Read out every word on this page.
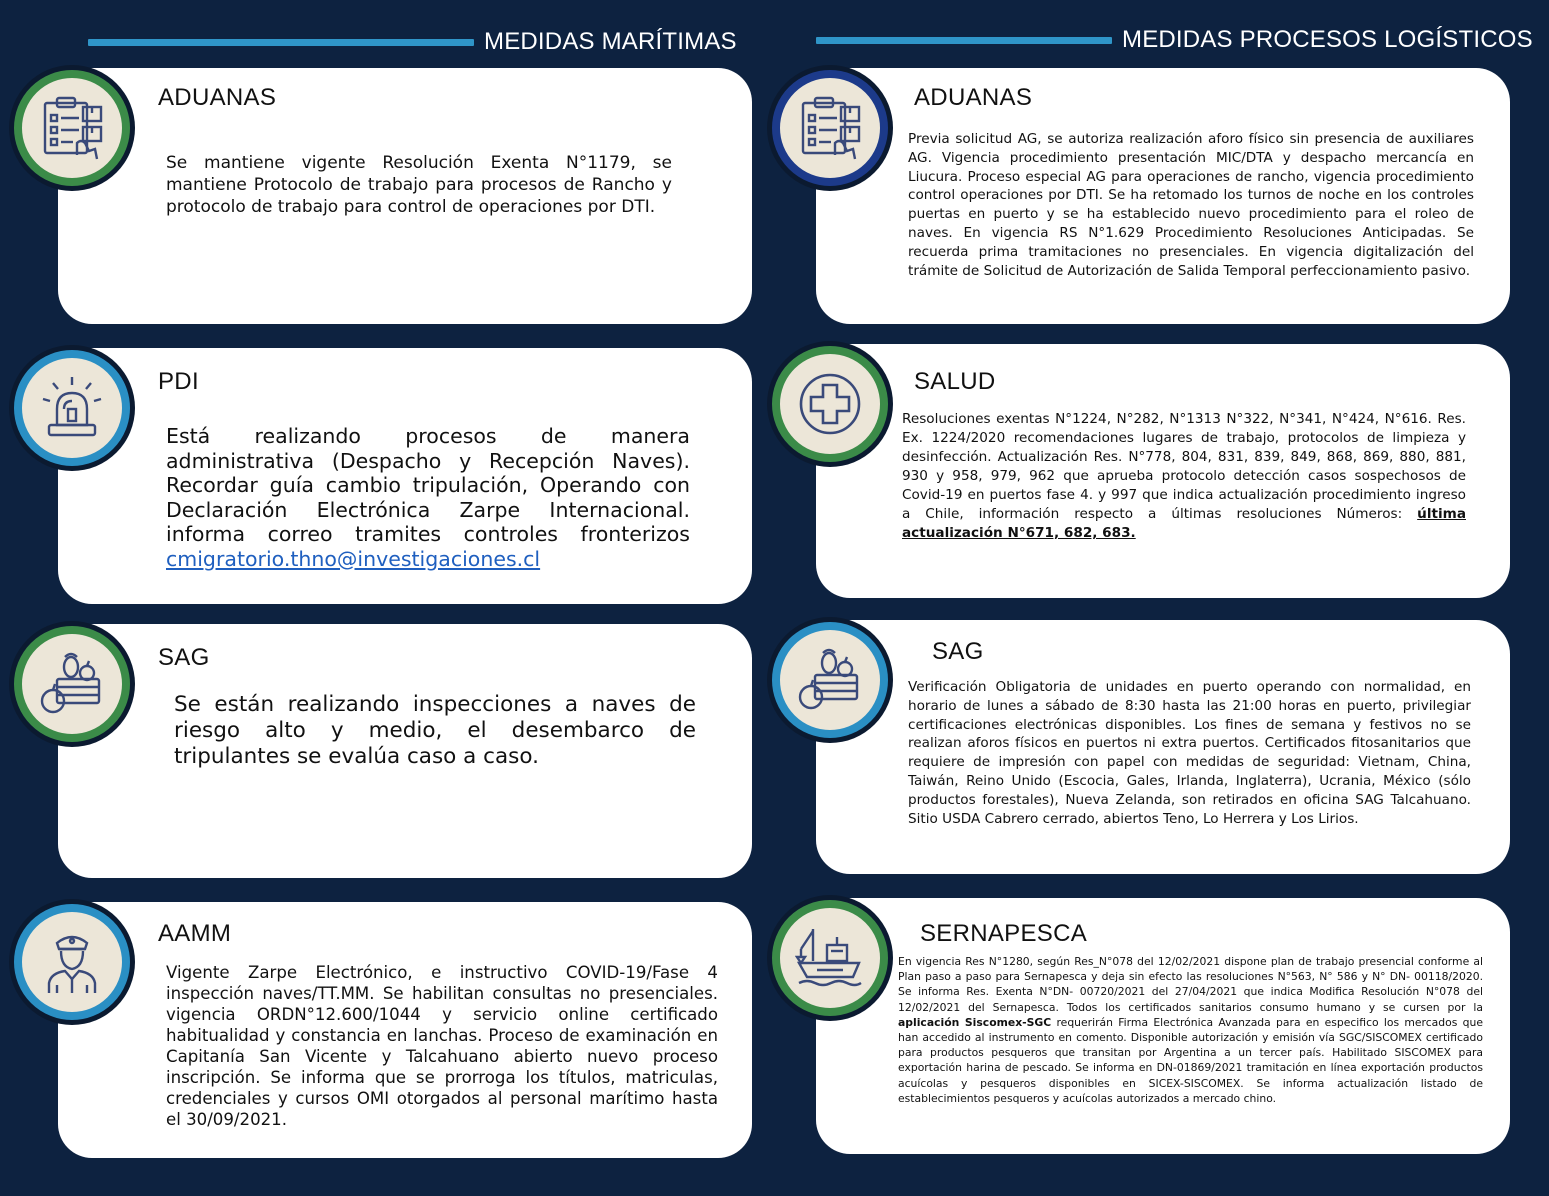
MEDIDAS MARÍTIMAS	MEDIDAS PROCESOS LOGÍSTICOS
ADUANAS

Se mantiene vigente Resolución Exenta N°1179, se mantiene Protocolo de trabajo para procesos de Rancho y protocolo de trabajo para control de operaciones por DTI.

PDI

Está realizando procesos de manera administrativa (Despacho y Recepción Naves). Recordar guía cambio tripulación, Operando con Declaración Electrónica Zarpe Internacional. informa correo tramites controles fronterizos cmigratorio.thno@investigaciones.cl

SAG

Se están realizando inspecciones a naves de riesgo alto y medio, el desembarco de tripulantes se evalúa caso a caso.

AAMM

Vigente Zarpe Electrónico, e instructivo COVID-19/Fase 4 inspección naves/TT.MM. Se habilitan consultas no presenciales. vigencia ORDN°12.600/1044 y servicio online certificado habitualidad y constancia en lanchas. Proceso de examinación en Capitanía San Vicente y Talcahuano abierto nuevo proceso inscripción. Se informa que se prorroga los títulos, matriculas, credenciales y cursos OMI otorgados al personal marítimo hasta el 30/09/2021.

ADUANAS

Previa solicitud AG, se autoriza realización aforo físico sin presencia de auxiliares AG. Vigencia procedimiento presentación MIC/DTA y despacho mercancía en Liucura. Proceso especial AG para operaciones de rancho, vigencia procedimiento control operaciones por DTI. Se ha retomado los turnos de noche en los controles puertas en puerto y se ha establecido nuevo procedimiento para el roleo de naves. En vigencia RS N°1.629 Procedimiento Resoluciones Anticipadas. Se recuerda prima tramitaciones no presenciales. En vigencia digitalización del trámite de Solicitud de Autorización de Salida Temporal perfeccionamiento pasivo.

SALUD

Resoluciones exentas N°1224, N°282, N°1313 N°322, N°341, N°424, N°616. Res. Ex. 1224/2020 recomendaciones lugares de trabajo, protocolos de limpieza y desinfección. Actualización Res. N°778, 804, 831, 839, 849, 868, 869, 880, 881, 930 y 958, 979, 962 que aprueba protocolo detección casos sospechosos de Covid-19 en puertos fase 4. y 997 que indica actualización procedimiento ingreso a Chile, información respecto a últimas resoluciones Números: última actualización N°671, 682, 683.

SAG

Verificación Obligatoria de unidades en puerto operando con normalidad, en horario de lunes a sábado de 8:30 hasta las 21:00 horas en puerto, privilegiar certificaciones electrónicas disponibles. Los fines de semana y festivos no se realizan aforos físicos en puertos ni extra puertos. Certificados fitosanitarios que requiere de impresión con papel con medidas de seguridad: Vietnam, China, Taiwán, Reino Unido (Escocia, Gales, Irlanda, Inglaterra), Ucrania, México (sólo productos forestales), Nueva Zelanda, son retirados en oficina SAG Talcahuano. Sitio USDA Cabrero cerrado, abiertos Teno, Lo Herrera y Los Lirios.

SERNAPESCA

En vigencia Res N°1280, según Res_N°078 del 12/02/2021 dispone plan de trabajo presencial conforme al Plan paso a paso para Sernapesca y deja sin efecto las resoluciones N°563, N° 586 y N° DN- 00118/2020. Se informa Res. Exenta N°DN- 00720/2021 del 27/04/2021 que indica Modifica Resolución N°078 del 12/02/2021 del Sernapesca. Todos los certificados sanitarios consumo humano y se cursen por la aplicación Siscomex-SGC requerirán Firma Electrónica Avanzada para en especifico los mercados que han accedido al instrumento en comento. Disponible autorización y emisión vía SGC/SISCOMEX certificado para productos pesqueros que transitan por Argentina a un tercer país. Habilitado SISCOMEX para exportación harina de pescado. Se informa en DN-01869/2021 tramitación en línea exportación productos acuícolas y pesqueros disponibles en SICEX-SISCOMEX. Se informa actualización listado de establecimientos pesqueros y acuícolas autorizados a mercado chino.
